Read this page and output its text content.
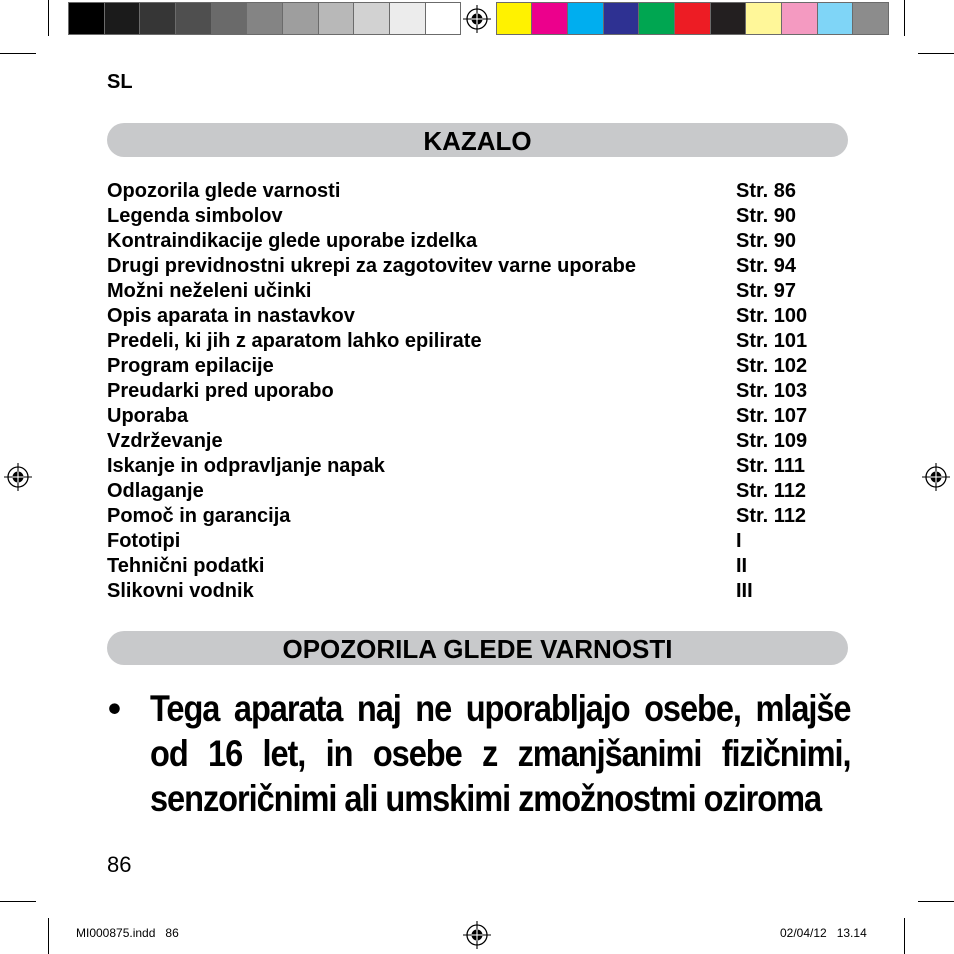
SL
KAZALO
Opozorila glede varnosti	Str. 86
Legenda simbolov	Str. 90
Kontraindikacije glede uporabe izdelka	Str. 90
Drugi previdnostni ukrepi za zagotovitev varne uporabe	Str. 94
Možni neželeni učinki	Str. 97
Opis aparata in nastavkov	Str. 100
Predeli, ki jih z aparatom lahko epilirate	Str. 101
Program epilacije	Str. 102
Preudarki pred uporabo	Str. 103
Uporaba	Str. 107
Vzdrževanje	Str. 109
Iskanje in odpravljanje napak	Str. 111
Odlaganje	Str. 112
Pomoč in garancija	Str. 112
Fototipi	I
Tehnični podatki	II
Slikovni vodnik	III
OPOZORILA GLEDE VARNOSTI
• Tega aparata naj ne uporabljajo osebe, mlajše od 16 let, in osebe z zmanjšanimi fizičnimi, senzoričnimi ali umskimi zmožnostmi oziroma
86
MI000875.indd   86	02/04/12   13.14
